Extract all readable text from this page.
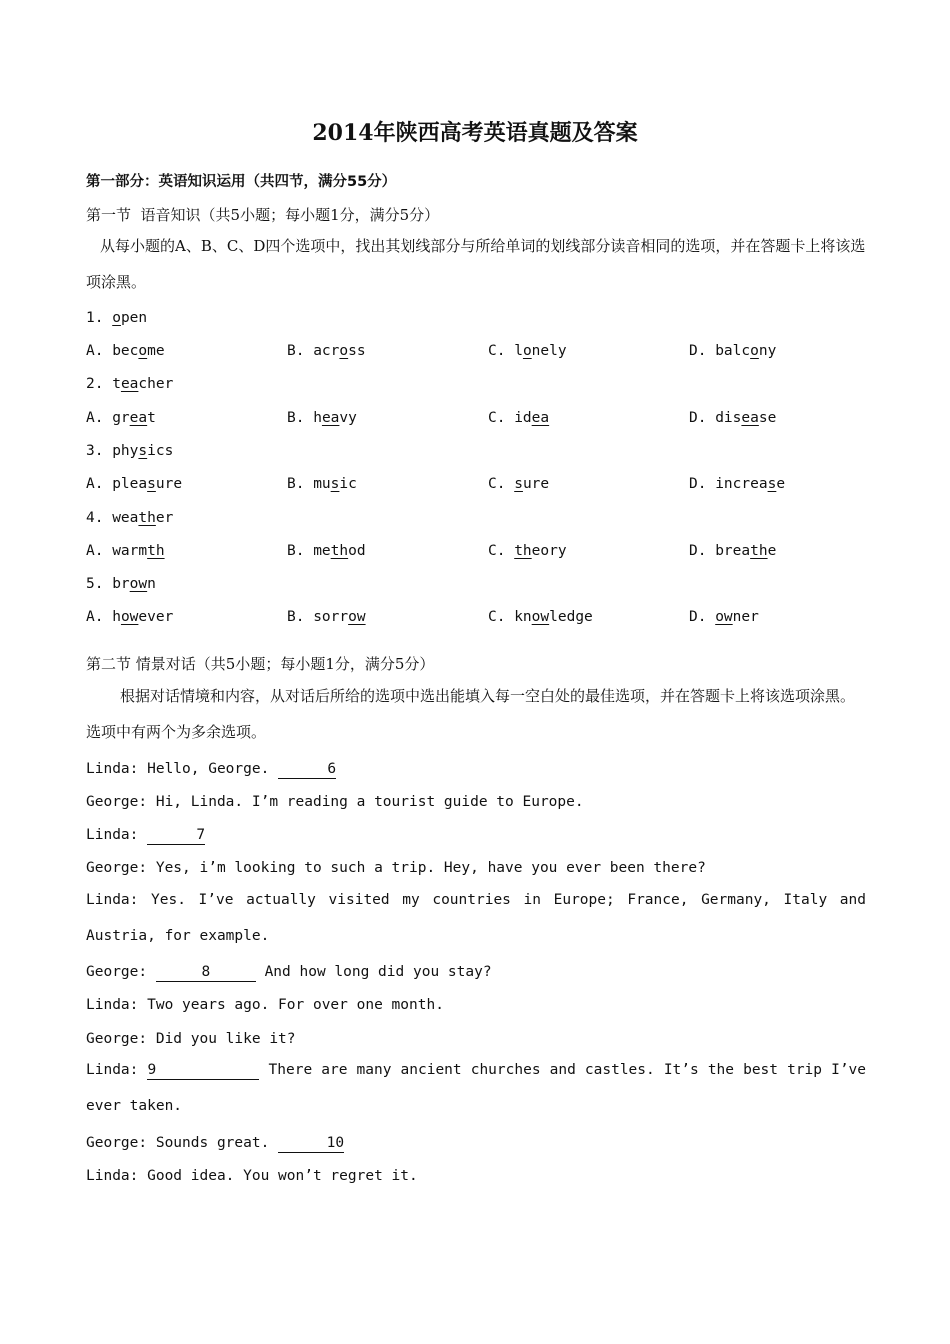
2014年陕西高考英语真题及答案
第一部分：英语知识运用（共四节，满分55分）
第一节  语音知识（共5小题；每小题1分，满分5分）
从每小题的A、B、C、D四个选项中，找出其划线部分与所给单词的划线部分读音相同的选项，并在答题卡上将该选项涂黑。
1. open
A. become	B. across	C. lonely	D. balcony
2. teacher
A. great	B. heavy	C. idea	D. disease
3. physics
A. pleasure	B. music	C. sure	D. increase
4. weather
A. warmth	B. method	C. theory	D. breathe
5. brown
A. however	B. sorrow	C. knowledge	D. owner
第二节 情景对话（共5小题；每小题1分，满分5分）
根据对话情境和内容，从对话后所给的选项中选出能填入每一空白处的最佳选项，并在答题卡上将该选项涂黑。选项中有两个为多余选项。
Linda: Hello, George.	6
George: Hi, Linda. I’m reading a tourist guide to Europe.
Linda:	7
George: Yes, i’m looking to such a trip. Hey, have you ever been there?
Linda: Yes. I’ve actually visited my countries in Europe; France, Germany, Italy and Austria, for example.
George:	8	And how long did you stay?
Linda: Two years ago. For over one month.
George: Did you like it?
Linda: 9	There are many ancient churches and castles. It’s the best trip I’ve ever taken.
George: Sounds great.	10
Linda: Good idea. You won’t regret it.
